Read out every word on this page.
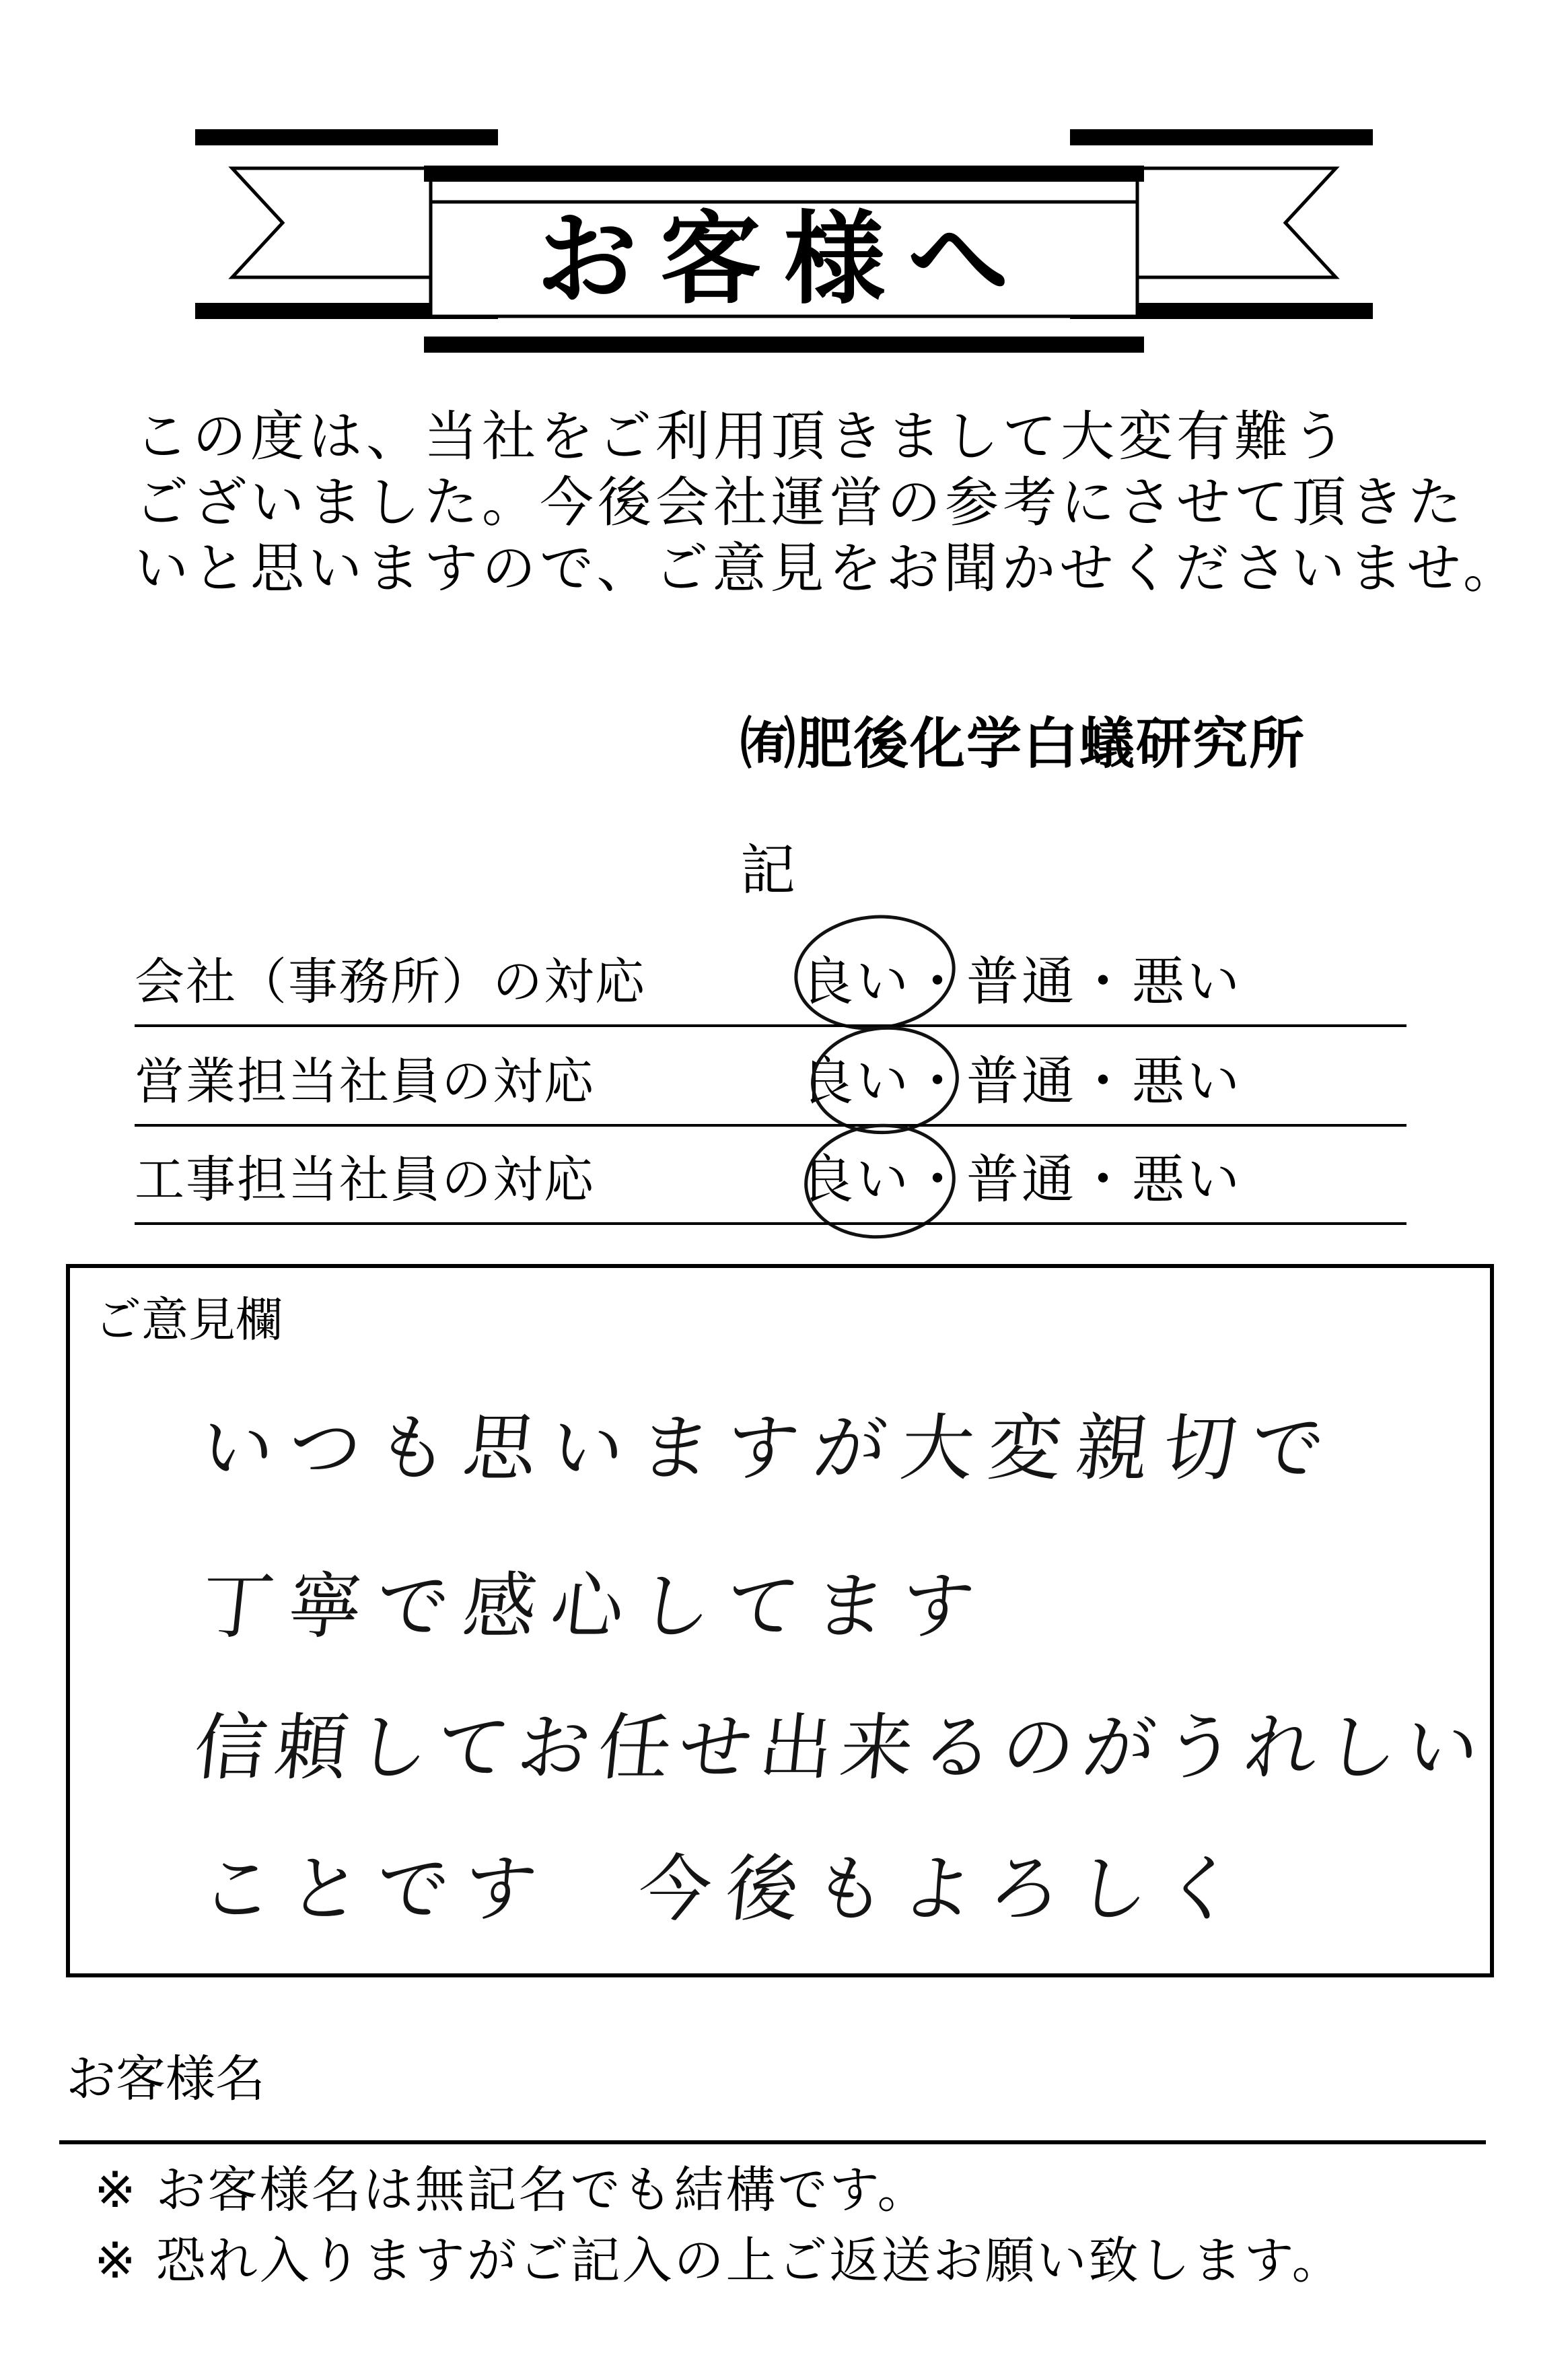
お客様へ
この度は、当社をご利用頂きまして大変有難う
ございました。今後会社運営の参考にさせて頂きた
いと思いますので、ご意見をお聞かせくださいませ。
㈲肥後化学白蟻研究所
記
会社（事務所）の対応	良い・普通・悪い
営業担当社員の対応	良い・普通・悪い
工事担当社員の対応	良い・普通・悪い
ご意見欄
いつも思いますが大変親切で
丁寧で感心してます
信頼してお任せ出来るのがうれしい
ことです　今後もよろしく
お客様名
※ お客様名は無記名でも結構です。
※ 恐れ入りますがご記入の上ご返送お願い致します。
